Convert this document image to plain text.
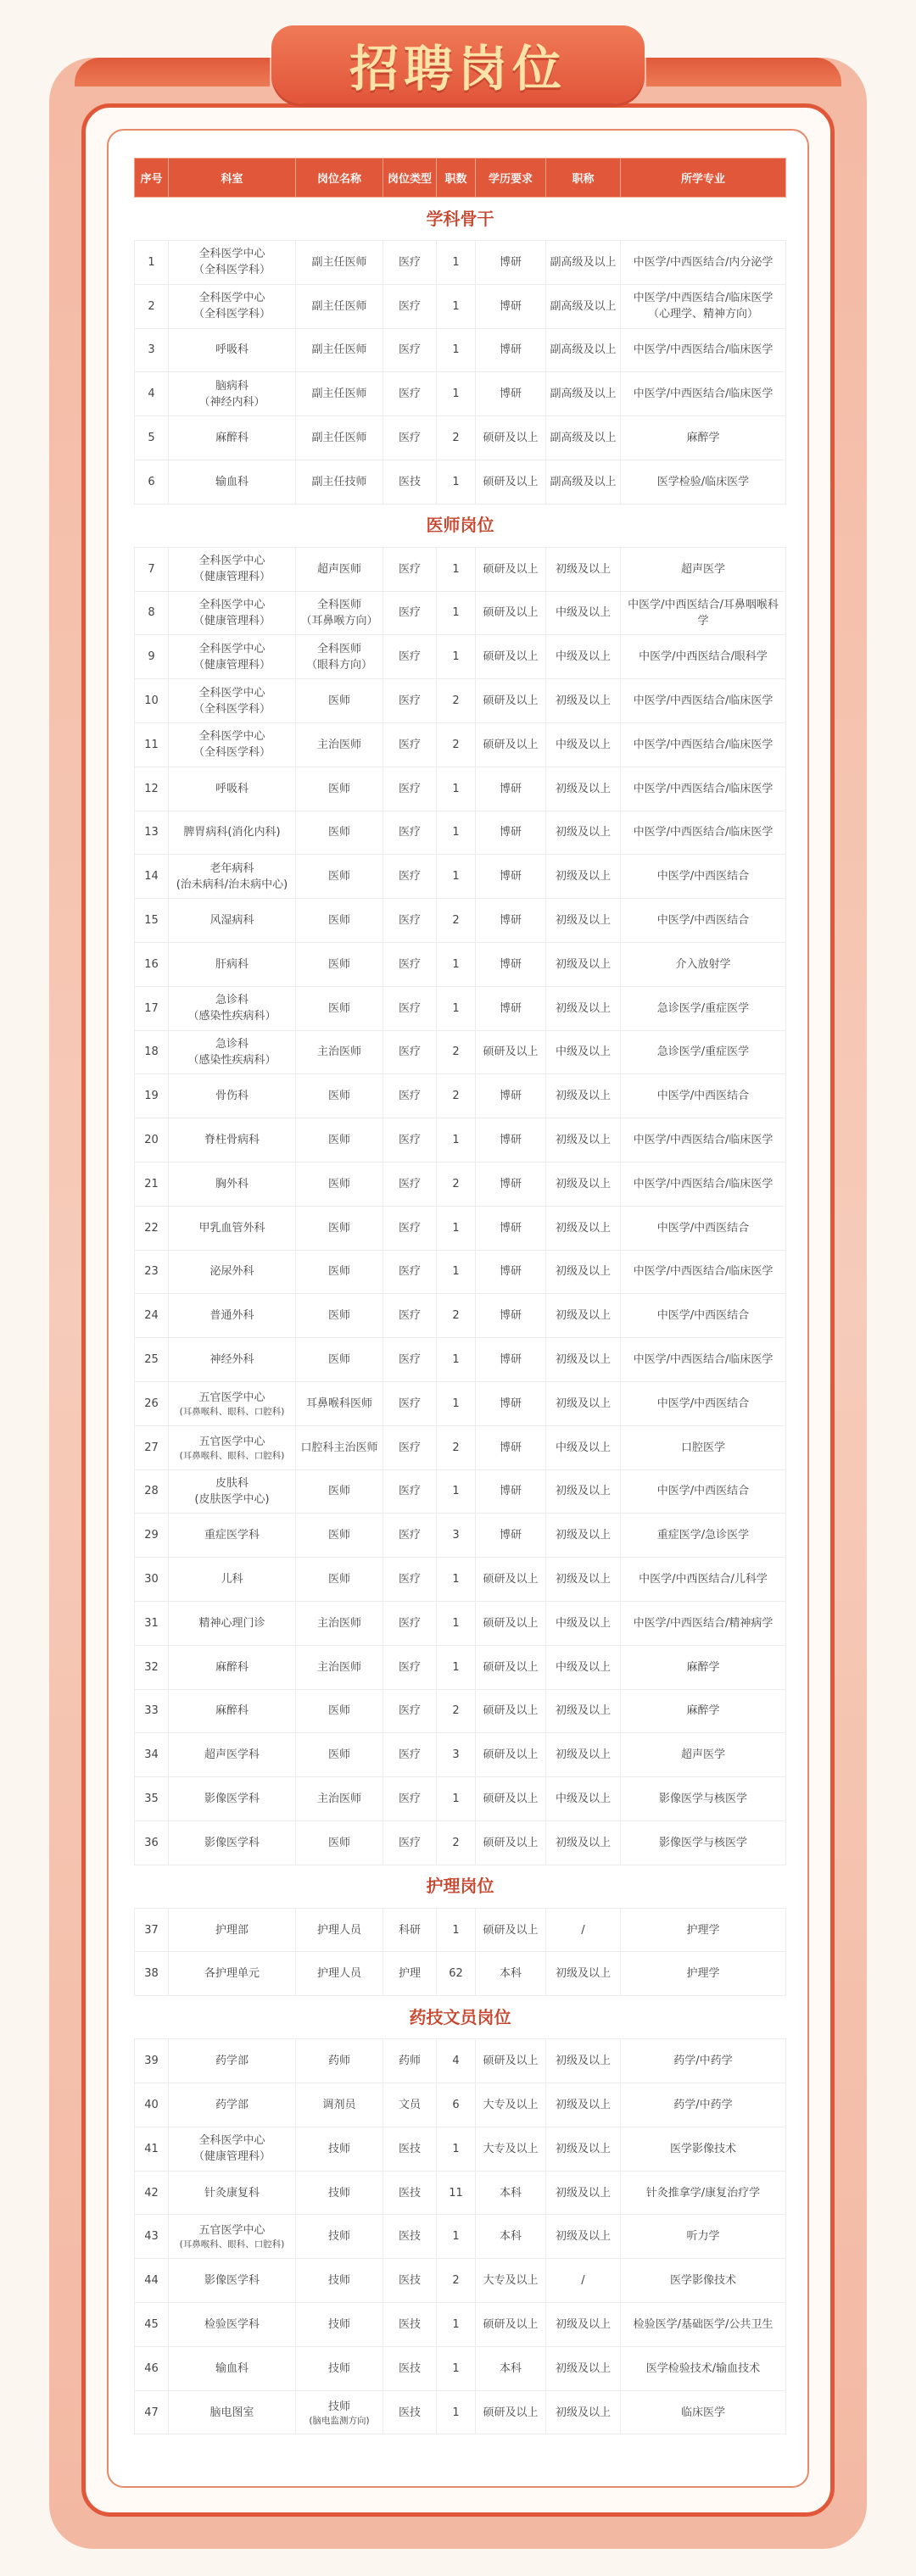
招聘岗位
序号	科室	岗位名称	岗位类型	职数	学历要求	职称	所学专业
学科骨干							
1	全科医学中心
（全科医学科）	副主任医师	医疗	1	博研	副高级及以上	中医学/中西医结合/内分泌学
2	全科医学中心
（全科医学科）	副主任医师	医疗	1	博研	副高级及以上	中医学/中西医结合/临床医学
（心理学、精神方向）
3	呼吸科	副主任医师	医疗	1	博研	副高级及以上	中医学/中西医结合/临床医学
4	脑病科
（神经内科）	副主任医师	医疗	1	博研	副高级及以上	中医学/中西医结合/临床医学
5	麻醉科	副主任医师	医疗	2	硕研及以上	副高级及以上	麻醉学
6	输血科	副主任技师	医技	1	硕研及以上	副高级及以上	医学检验/临床医学
医师岗位							
7	全科医学中心
（健康管理科）	超声医师	医疗	1	硕研及以上	初级及以上	超声医学
8	全科医学中心
（健康管理科）	全科医师
（耳鼻喉方向）	医疗	1	硕研及以上	中级及以上	中医学/中西医结合/耳鼻咽喉科学
9	全科医学中心
（健康管理科）	全科医师
（眼科方向）	医疗	1	硕研及以上	中级及以上	中医学/中西医结合/眼科学
10	全科医学中心
（全科医学科）	医师	医疗	2	硕研及以上	初级及以上	中医学/中西医结合/临床医学
11	全科医学中心
（全科医学科）	主治医师	医疗	2	硕研及以上	中级及以上	中医学/中西医结合/临床医学
12	呼吸科	医师	医疗	1	博研	初级及以上	中医学/中西医结合/临床医学
13	脾胃病科(消化内科)	医师	医疗	1	博研	初级及以上	中医学/中西医结合/临床医学
14	老年病科
(治未病科/治未病中心)	医师	医疗	1	博研	初级及以上	中医学/中西医结合
15	风湿病科	医师	医疗	2	博研	初级及以上	中医学/中西医结合
16	肝病科	医师	医疗	1	博研	初级及以上	介入放射学
17	急诊科
（感染性疾病科）	医师	医疗	1	博研	初级及以上	急诊医学/重症医学
18	急诊科
（感染性疾病科）	主治医师	医疗	2	硕研及以上	中级及以上	急诊医学/重症医学
19	骨伤科	医师	医疗	2	博研	初级及以上	中医学/中西医结合
20	脊柱骨病科	医师	医疗	1	博研	初级及以上	中医学/中西医结合/临床医学
21	胸外科	医师	医疗	2	博研	初级及以上	中医学/中西医结合/临床医学
22	甲乳血管外科	医师	医疗	1	博研	初级及以上	中医学/中西医结合
23	泌尿外科	医师	医疗	1	博研	初级及以上	中医学/中西医结合/临床医学
24	普通外科	医师	医疗	2	博研	初级及以上	中医学/中西医结合
25	神经外科	医师	医疗	1	博研	初级及以上	中医学/中西医结合/临床医学
26	五官医学中心
(耳鼻喉科、眼科、口腔科)	耳鼻喉科医师	医疗	1	博研	初级及以上	中医学/中西医结合
27	五官医学中心
(耳鼻喉科、眼科、口腔科)	口腔科主治医师	医疗	2	博研	中级及以上	口腔医学
28	皮肤科
(皮肤医学中心)	医师	医疗	1	博研	初级及以上	中医学/中西医结合
29	重症医学科	医师	医疗	3	博研	初级及以上	重症医学/急诊医学
30	儿科	医师	医疗	1	硕研及以上	初级及以上	中医学/中西医结合/儿科学
31	精神心理门诊	主治医师	医疗	1	硕研及以上	中级及以上	中医学/中西医结合/精神病学
32	麻醉科	主治医师	医疗	1	硕研及以上	中级及以上	麻醉学
33	麻醉科	医师	医疗	2	硕研及以上	初级及以上	麻醉学
34	超声医学科	医师	医疗	3	硕研及以上	初级及以上	超声医学
35	影像医学科	主治医师	医疗	1	硕研及以上	中级及以上	影像医学与核医学
36	影像医学科	医师	医疗	2	硕研及以上	初级及以上	影像医学与核医学
护理岗位							
37	护理部	护理人员	科研	1	硕研及以上	/	护理学
38	各护理单元	护理人员	护理	62	本科	初级及以上	护理学
药技文员岗位							
39	药学部	药师	药师	4	硕研及以上	初级及以上	药学/中药学
40	药学部	调剂员	文员	6	大专及以上	初级及以上	药学/中药学
41	全科医学中心
（健康管理科）	技师	医技	1	大专及以上	初级及以上	医学影像技术
42	针灸康复科	技师	医技	11	本科	初级及以上	针灸推拿学/康复治疗学
43	五官医学中心
(耳鼻喉科、眼科、口腔科)	技师	医技	1	本科	初级及以上	听力学
44	影像医学科	技师	医技	2	大专及以上	/	医学影像技术
45	检验医学科	技师	医技	1	硕研及以上	初级及以上	检验医学/基础医学/公共卫生
46	输血科	技师	医技	1	本科	初级及以上	医学检验技术/输血技术
47	脑电图室	技师
(脑电监测方向)	医技	1	硕研及以上	初级及以上	临床医学
